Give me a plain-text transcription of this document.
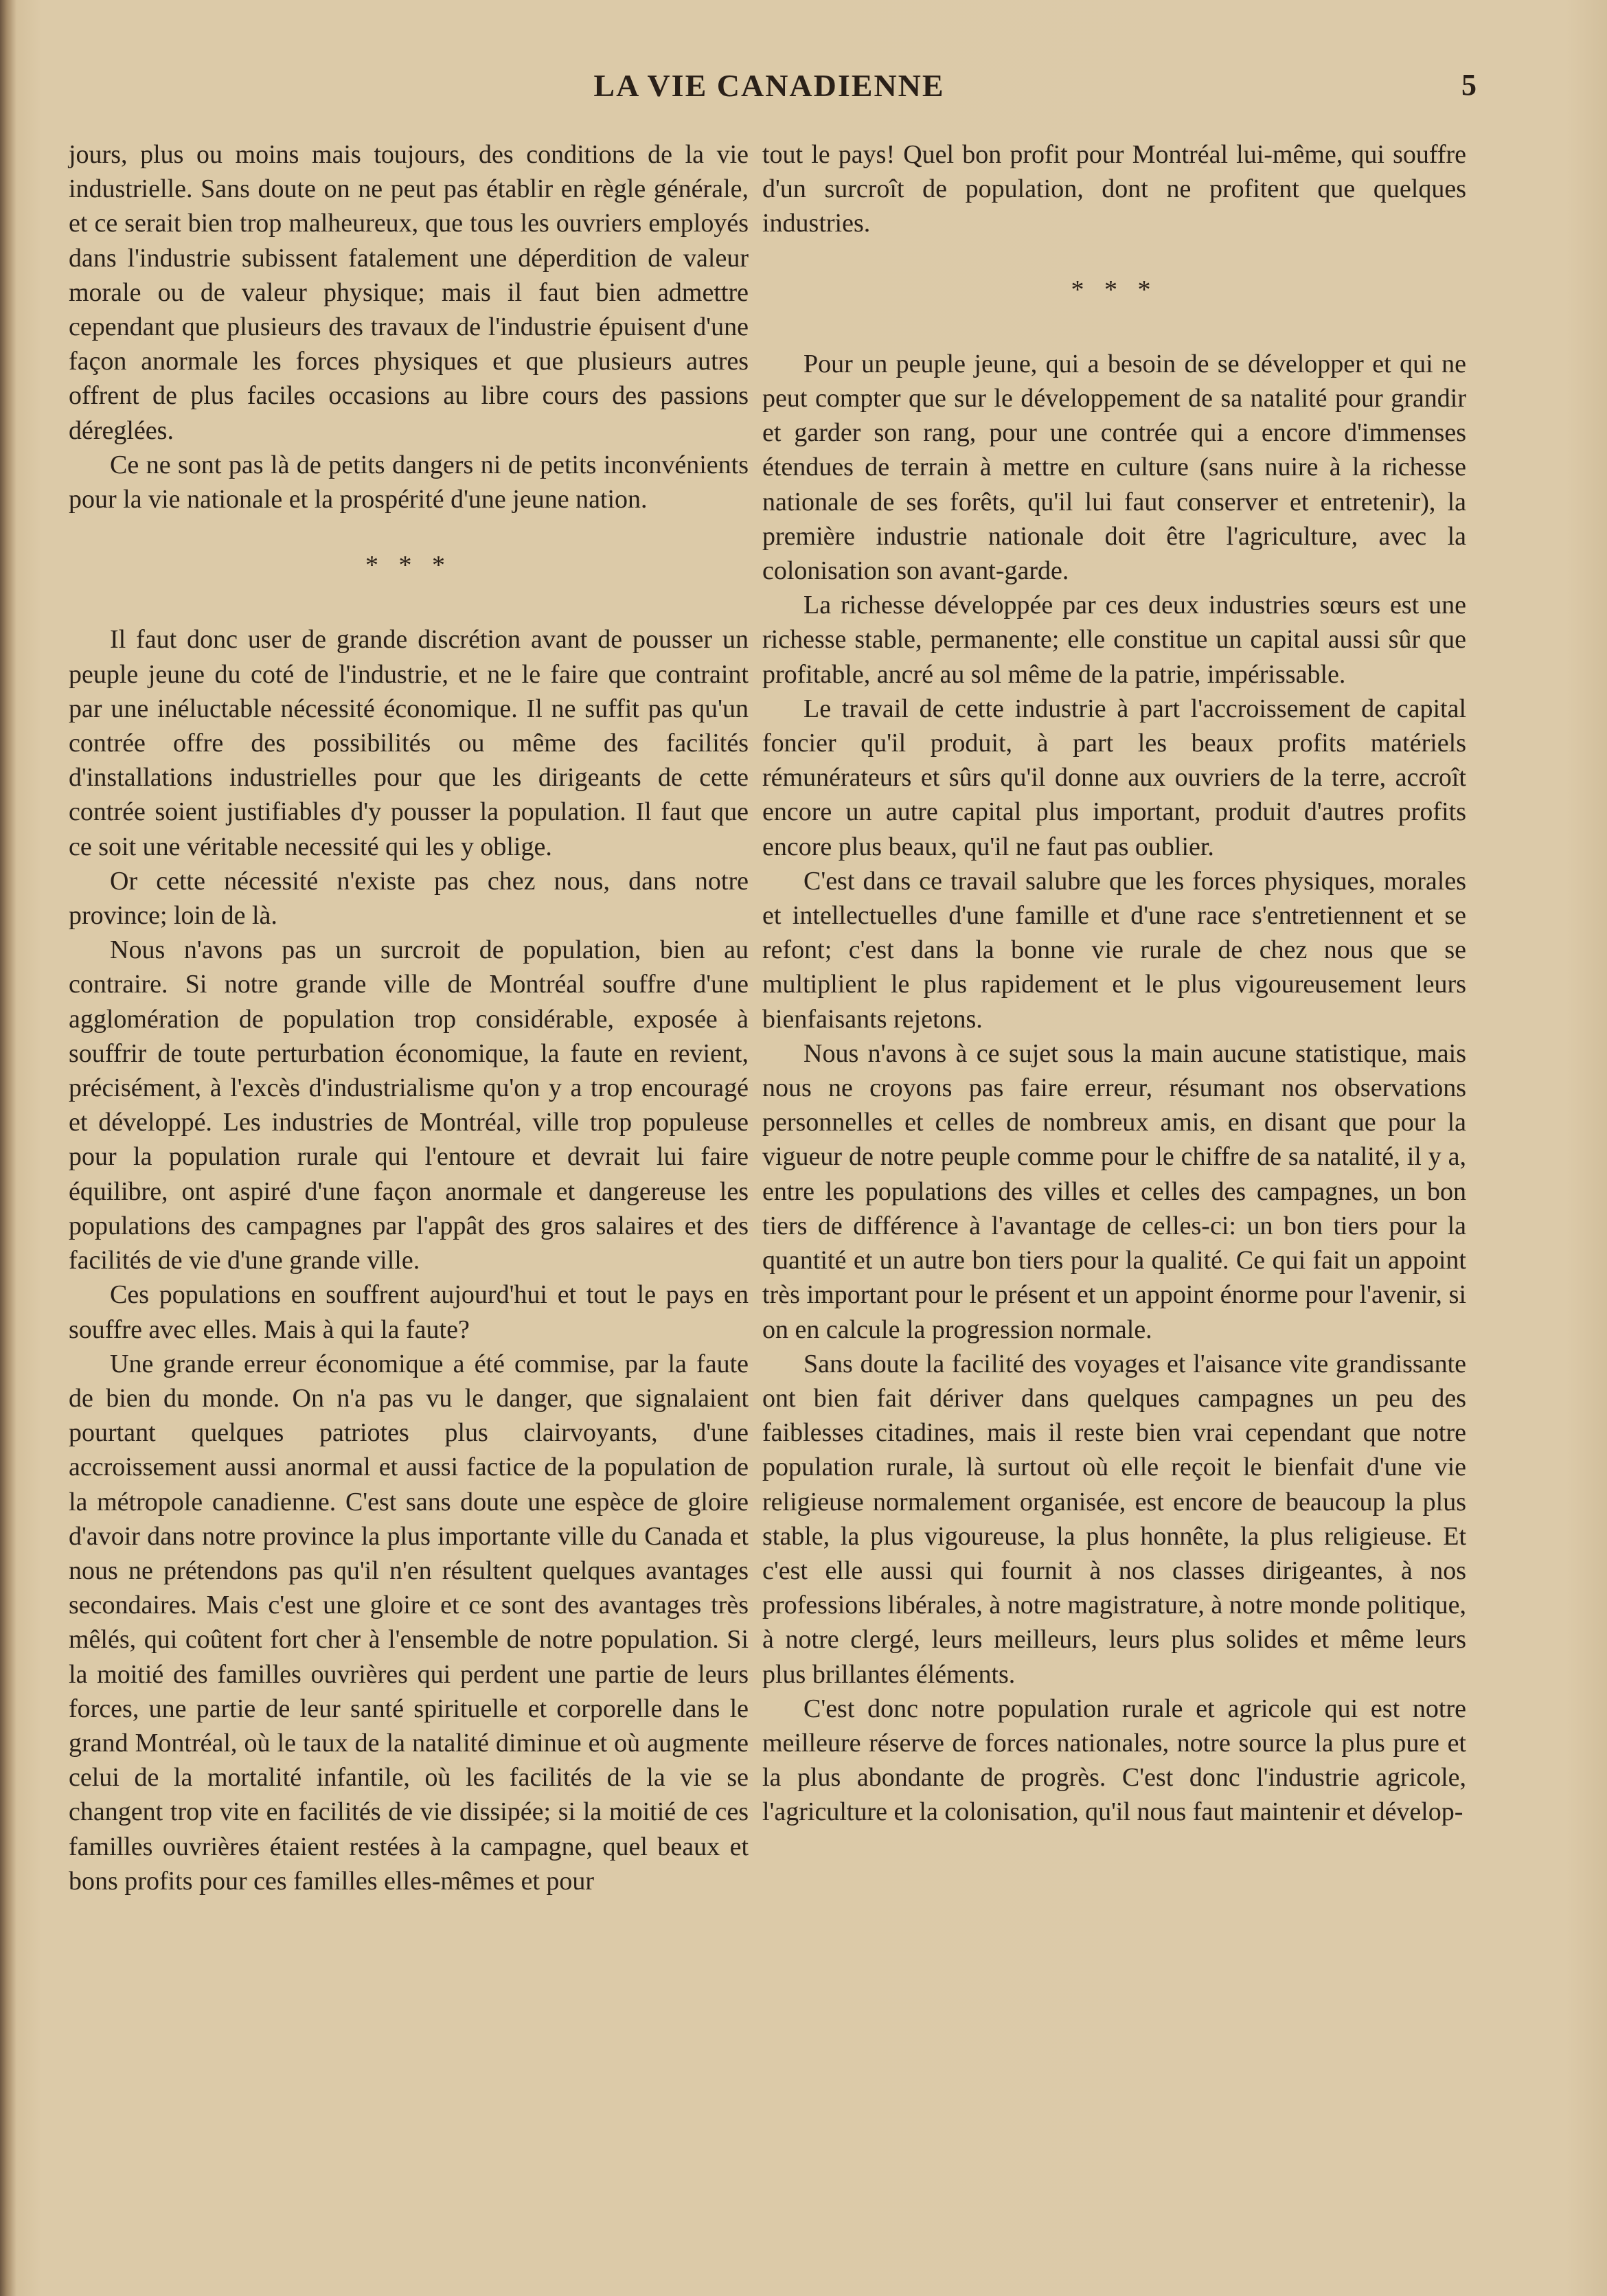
LA VIE CANADIENNE	5

jours, plus ou moins mais toujours, des conditions de la vie industrielle. Sans doute on ne peut pas établir en règle générale, et ce serait bien trop malheureux, que tous les ouvriers employés dans l'industrie subissent fatalement une déperdition de valeur morale ou de valeur physique; mais il faut bien admettre cependant que plusieurs des travaux de l'industrie épuisent d'une façon anormale les forces physiques et que plusieurs autres offrent de plus faciles occasions au libre cours des passions déreglées.

Ce ne sont pas là de petits dangers ni de petits inconvénients pour la vie nationale et la prospérité d'une jeune nation.

* * *

Il faut donc user de grande discrétion avant de pousser un peuple jeune du coté de l'industrie, et ne le faire que contraint par une inéluctable nécessité économique. Il ne suffit pas qu'un contrée offre des possibilités ou même des facilités d'installations industrielles pour que les dirigeants de cette contrée soient justifiables d'y pousser la population. Il faut que ce soit une véritable necessité qui les y oblige.

Or cette nécessité n'existe pas chez nous, dans notre province; loin de là.

Nous n'avons pas un surcroit de population, bien au contraire. Si notre grande ville de Montréal souffre d'une agglomération de population trop considérable, exposée à souffrir de toute perturbation économique, la faute en revient, précisément, à l'excès d'industrialisme qu'on y a trop encouragé et développé. Les industries de Montréal, ville trop populeuse pour la population rurale qui l'entoure et devrait lui faire équilibre, ont aspiré d'une façon anormale et dangereuse les populations des campagnes par l'appât des gros salaires et des facilités de vie d'une grande ville.

Ces populations en souffrent aujourd'hui et tout le pays en souffre avec elles. Mais à qui la faute?

Une grande erreur économique a été commise, par la faute de bien du monde. On n'a pas vu le danger, que signalaient pourtant quelques patriotes plus clairvoyants, d'une accroissement aussi anormal et aussi factice de la population de la métropole canadienne. C'est sans doute une espèce de gloire d'avoir dans notre province la plus importante ville du Canada et nous ne prétendons pas qu'il n'en résultent quelques avantages secondaires. Mais c'est une gloire et ce sont des avantages très mêlés, qui coûtent fort cher à l'ensemble de notre population. Si la moitié des familles ouvrières qui perdent une partie de leurs forces, une partie de leur santé spirituelle et corporelle dans le grand Montréal, où le taux de la natalité diminue et où augmente celui de la mortalité infantile, où les facilités de la vie se changent trop vite en facilités de vie dissipée; si la moitié de ces familles ouvrières étaient restées à la campagne, quel beaux et bons profits pour ces familles elles-mêmes et pour

tout le pays! Quel bon profit pour Montréal lui-même, qui souffre d'un surcroît de population, dont ne profitent que quelques industries.

* * *

Pour un peuple jeune, qui a besoin de se développer et qui ne peut compter que sur le développement de sa natalité pour grandir et garder son rang, pour une contrée qui a encore d'immenses étendues de terrain à mettre en culture (sans nuire à la richesse nationale de ses forêts, qu'il lui faut conserver et entretenir), la première industrie nationale doit être l'agriculture, avec la colonisation son avant-garde.

La richesse développée par ces deux industries sœurs est une richesse stable, permanente; elle constitue un capital aussi sûr que profitable, ancré au sol même de la patrie, impérissable.

Le travail de cette industrie à part l'accroissement de capital foncier qu'il produit, à part les beaux profits matériels rémunérateurs et sûrs qu'il donne aux ouvriers de la terre, accroît encore un autre capital plus important, produit d'autres profits encore plus beaux, qu'il ne faut pas oublier.

C'est dans ce travail salubre que les forces physiques, morales et intellectuelles d'une famille et d'une race s'entretiennent et se refont; c'est dans la bonne vie rurale de chez nous que se multiplient le plus rapidement et le plus vigoureusement leurs bienfaisants rejetons.

Nous n'avons à ce sujet sous la main aucune statistique, mais nous ne croyons pas faire erreur, résumant nos observations personnelles et celles de nombreux amis, en disant que pour la vigueur de notre peuple comme pour le chiffre de sa natalité, il y a, entre les populations des villes et celles des campagnes, un bon tiers de différence à l'avantage de celles-ci: un bon tiers pour la quantité et un autre bon tiers pour la qualité. Ce qui fait un appoint très important pour le présent et un appoint énorme pour l'avenir, si on en calcule la progression normale.

Sans doute la facilité des voyages et l'aisance vite grandissante ont bien fait dériver dans quelques campagnes un peu des faiblesses citadines, mais il reste bien vrai cependant que notre population rurale, là surtout où elle reçoit le bienfait d'une vie religieuse normalement organisée, est encore de beaucoup la plus stable, la plus vigoureuse, la plus honnête, la plus religieuse. Et c'est elle aussi qui fournit à nos classes dirigeantes, à nos professions libérales, à notre magistrature, à notre monde politique, à notre clergé, leurs meilleurs, leurs plus solides et même leurs plus brillantes éléments.

C'est donc notre population rurale et agricole qui est notre meilleure réserve de forces nationales, notre source la plus pure et la plus abondante de progrès. C'est donc l'industrie agricole, l'agriculture et la colonisation, qu'il nous faut maintenir et dévelop-
